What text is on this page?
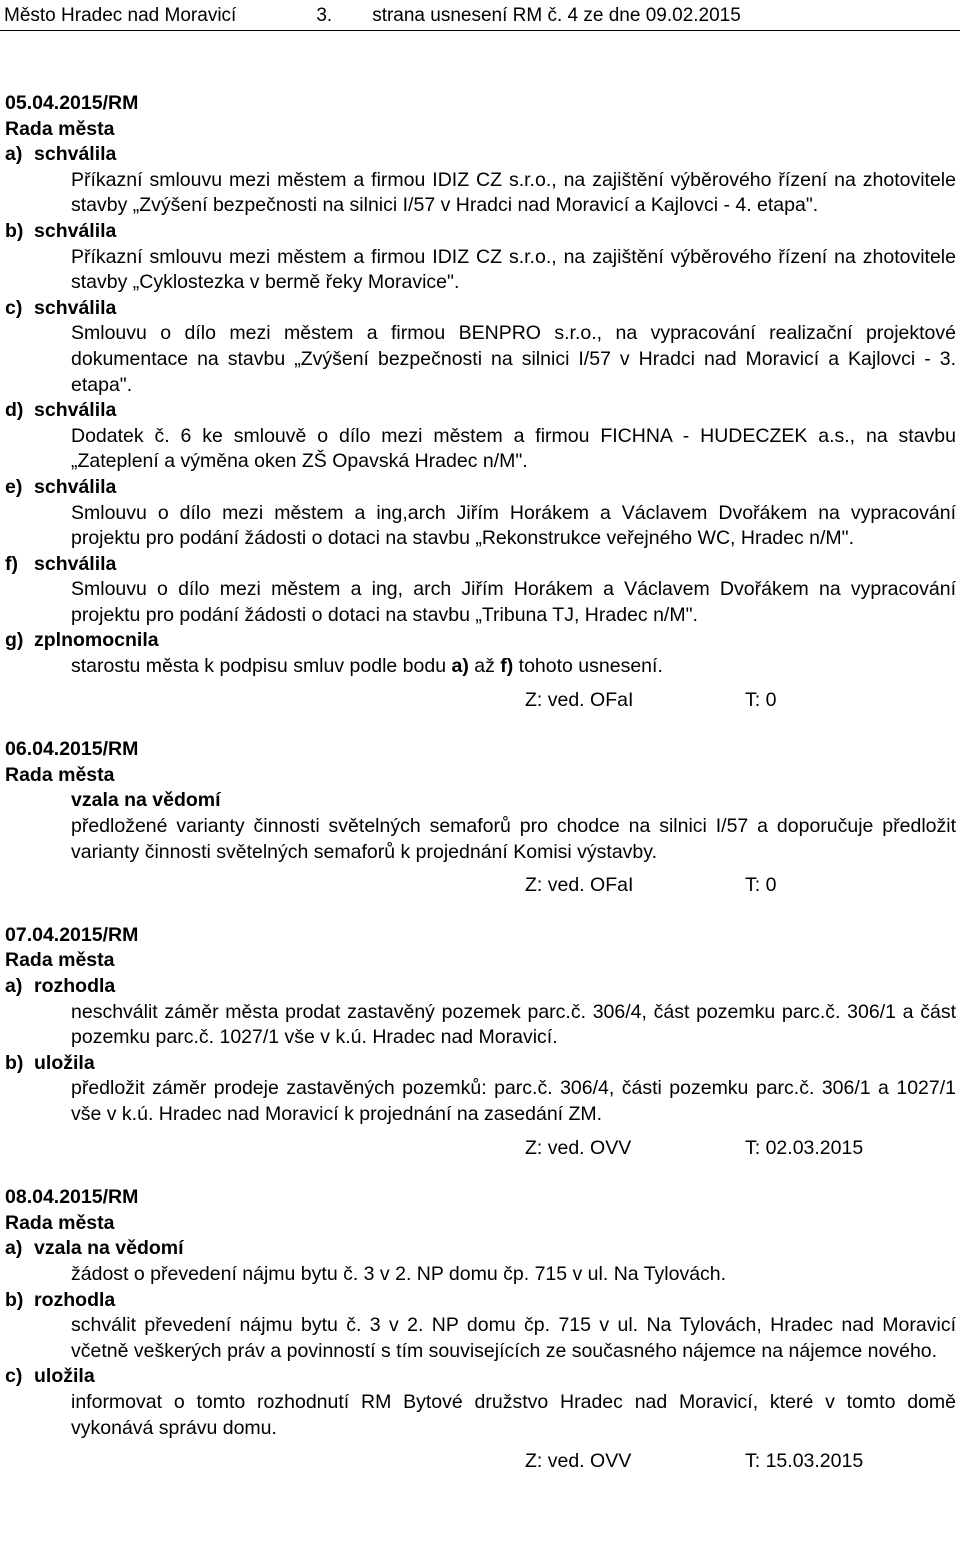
Město Hradec nad Moravicí	3. strana usnesení RM č. 4 ze dne 09.02.2015
05.04.2015/RM
Rada města
a) schválila
Příkazní smlouvu mezi městem a firmou IDIZ CZ s.r.o., na zajištění výběrového řízení na zhotovitele stavby „Zvýšení bezpečnosti na silnici I/57 v Hradci nad Moravicí a Kajlovci - 4. etapa".
b) schválila
Příkazní smlouvu mezi městem a firmou IDIZ CZ s.r.o., na zajištění výběrového řízení na zhotovitele stavby „Cyklostezka v bermě řeky Moravice".
c) schválila
Smlouvu o dílo mezi městem a firmou BENPRO s.r.o., na vypracování realizační projektové dokumentace na stavbu „Zvýšení bezpečnosti na silnici I/57 v Hradci nad Moravicí a Kajlovci - 3. etapa".
d) schválila
Dodatek č. 6 ke smlouvě o dílo mezi městem a firmou FICHNA - HUDECZEK a.s., na stavbu „Zateplení a výměna oken ZŠ Opavská Hradec n/M".
e) schválila
Smlouvu o dílo mezi městem a ing,arch Jiřím Horákem a Václavem Dvořákem na vypracování projektu pro podání žádosti o dotaci na stavbu „Rekonstrukce veřejného WC, Hradec n/M".
f) schválila
Smlouvu o dílo mezi městem a ing, arch Jiřím Horákem a Václavem Dvořákem na vypracování projektu pro podání žádosti o dotaci na stavbu „Tribuna TJ, Hradec n/M".
g) zplnomocnila
starostu města k podpisu smluv podle bodu a) až f) tohoto usnesení.
Z: ved. OFaI	T: 0
06.04.2015/RM
Rada města
vzala na vědomí
předložené varianty činnosti světelných semaforů pro chodce na silnici I/57 a doporučuje předložit varianty činnosti světelných semaforů k projednání Komisi výstavby.
Z: ved. OFaI	T: 0
07.04.2015/RM
Rada města
a) rozhodla
neschválit záměr města prodat zastavěný pozemek parc.č. 306/4, část pozemku parc.č. 306/1 a část pozemku parc.č. 1027/1 vše v k.ú. Hradec nad Moravicí.
b) uložila
předložit záměr prodeje zastavěných pozemků: parc.č. 306/4, části pozemku parc.č. 306/1 a 1027/1 vše v k.ú. Hradec nad Moravicí k projednání na zasedání ZM.
Z: ved. OVV	T: 02.03.2015
08.04.2015/RM
Rada města
a) vzala na vědomí
žádost o převedení nájmu bytu č. 3 v 2. NP domu čp. 715 v ul. Na Tylovách.
b) rozhodla
schválit převedení nájmu bytu č. 3 v 2. NP domu čp. 715 v ul. Na Tylovách, Hradec nad Moravicí včetně veškerých práv a povinností s tím souvisejících ze současného nájemce na nájemce nového.
c) uložila
informovat o tomto rozhodnutí RM Bytové družstvo Hradec nad Moravicí, které v tomto domě vykonává správu domu.
Z: ved. OVV	T: 15.03.2015
